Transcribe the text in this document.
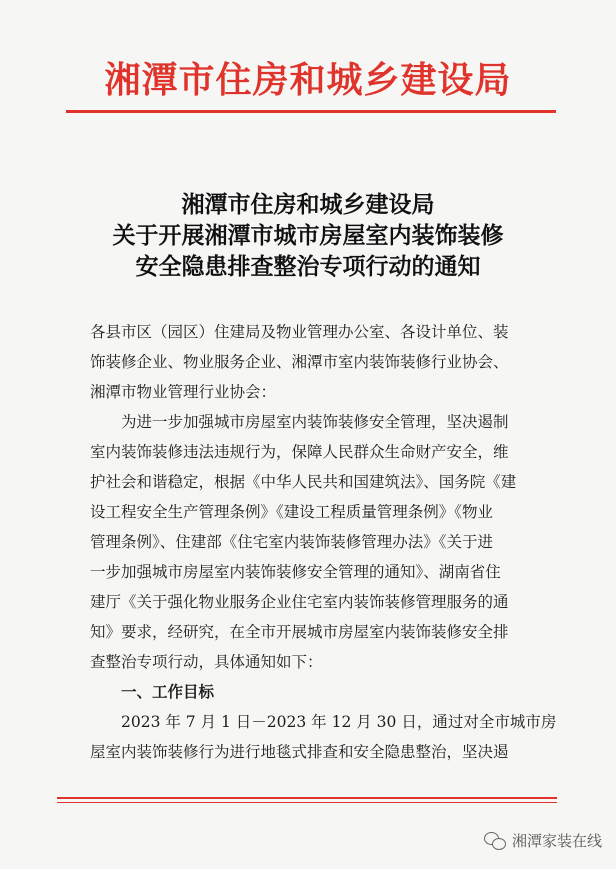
湘潭市住房和城乡建设局
湘潭市住房和城乡建设局
关于开展湘潭市城市房屋室内装饰装修
安全隐患排查整治专项行动的通知
各县市区（园区）住建局及物业管理办公室、各设计单位、装
饰装修企业、物业服务企业、湘潭市室内装饰装修行业协会、
湘潭市物业管理行业协会：
为进一步加强城市房屋室内装饰装修安全管理，坚决遏制
室内装饰装修违法违规行为，保障人民群众生命财产安全，维
护社会和谐稳定，根据《中华人民共和国建筑法》、国务院《建
设工程安全生产管理条例》《建设工程质量管理条例》《物业
管理条例》、住建部《住宅室内装饰装修管理办法》《关于进
一步加强城市房屋室内装饰装修安全管理的通知》、湖南省住
建厅《关于强化物业服务企业住宅室内装饰装修管理服务的通
知》要求，经研究，在全市开展城市房屋室内装饰装修安全排
查整治专项行动，具体通知如下：
一、工作目标
2023 年 7 月 1 日－2023 年 12 月 30 日，通过对全市城市房
屋室内装饰装修行为进行地毯式排查和安全隐患整治，坚决遏
湘潭家装在线
